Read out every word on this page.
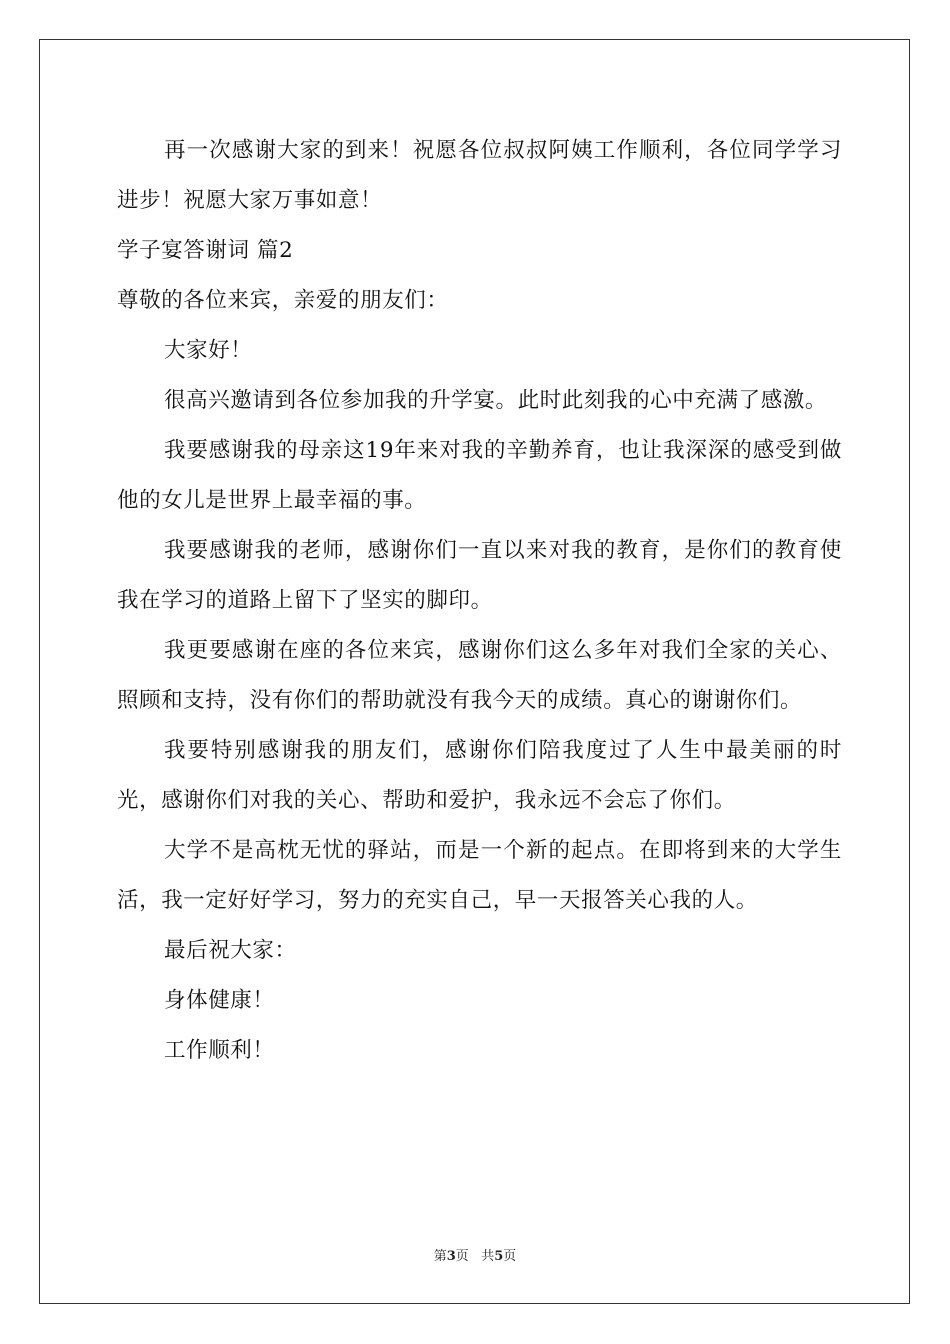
再一次感谢大家的到来！祝愿各位叔叔阿姨工作顺利，各位同学学习进步！祝愿大家万事如意！

学子宴答谢词 篇2

尊敬的各位来宾，亲爱的朋友们：

大家好！

很高兴邀请到各位参加我的升学宴。此时此刻我的心中充满了感激。

我要感谢我的母亲这19年来对我的辛勤养育，也让我深深的感受到做他的女儿是世界上最幸福的事。

我要感谢我的老师，感谢你们一直以来对我的教育，是你们的教育使我在学习的道路上留下了坚实的脚印。

我更要感谢在座的各位来宾，感谢你们这么多年对我们全家的关心、照顾和支持，没有你们的帮助就没有我今天的成绩。真心的谢谢你们。

我要特别感谢我的朋友们，感谢你们陪我度过了人生中最美丽的时光，感谢你们对我的关心、帮助和爱护，我永远不会忘了你们。

大学不是高枕无忧的驿站，而是一个新的起点。在即将到来的大学生活，我一定好好学习，努力的充实自己，早一天报答关心我的人。

最后祝大家：

身体健康！

工作顺利！

第3页 共5页
